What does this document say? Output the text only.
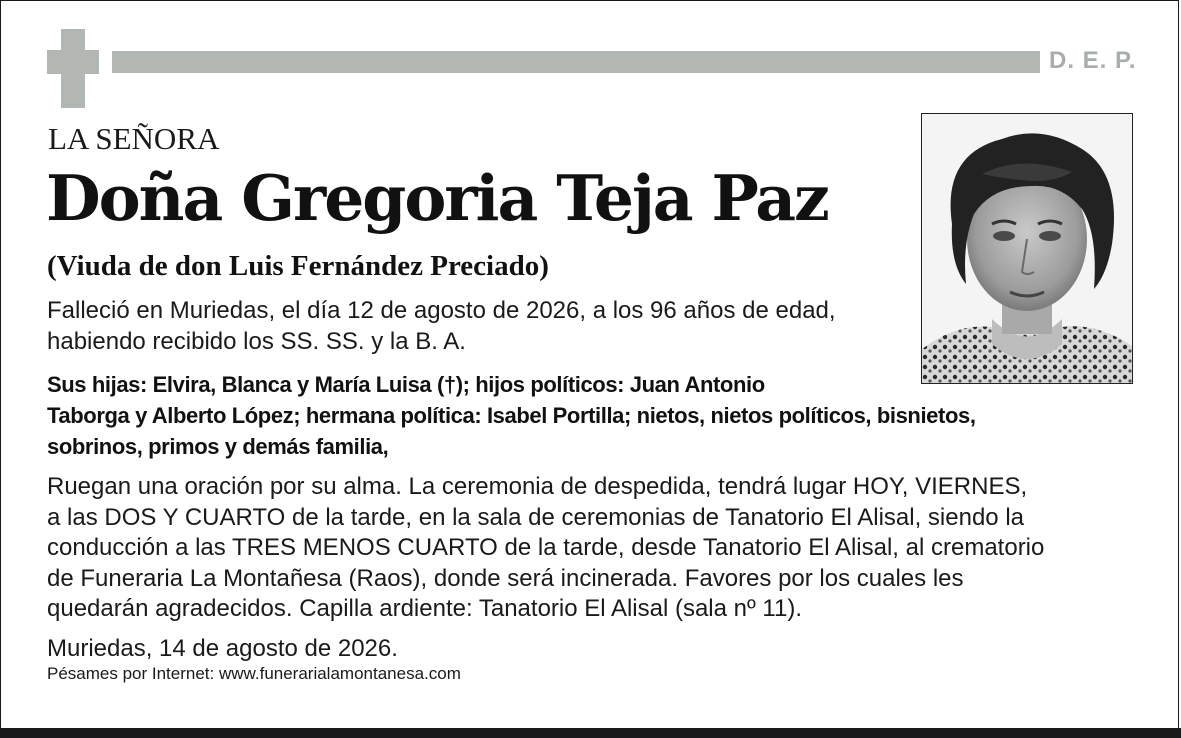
D. E. P.
LA SEÑORA
Doña Gregoria Teja Paz
(Viuda de don Luis Fernández Preciado)
Falleció en Muriedas, el día 12 de agosto de 2026, a los 96 años de edad,
habiendo recibido los SS. SS. y la B. A.
Sus hijas: Elvira, Blanca y María Luisa (†); hijos políticos: Juan Antonio
Taborga y Alberto López; hermana política: Isabel Portilla; nietos, nietos políticos, bisnietos,
sobrinos, primos y demás familia,
Ruegan una oración por su alma. La ceremonia de despedida, tendrá lugar HOY, VIERNES,
a las DOS Y CUARTO de la tarde, en la sala de ceremonias de Tanatorio El Alisal, siendo la
conducción a las TRES MENOS CUARTO de la tarde, desde Tanatorio El Alisal, al crematorio
de Funeraria La Montañesa (Raos), donde será incinerada. Favores por los cuales les
quedarán agradecidos. Capilla ardiente: Tanatorio El Alisal (sala nº 11).
Muriedas, 14 de agosto de 2026.
Pésames por Internet: www.funerarialamontanesa.com
